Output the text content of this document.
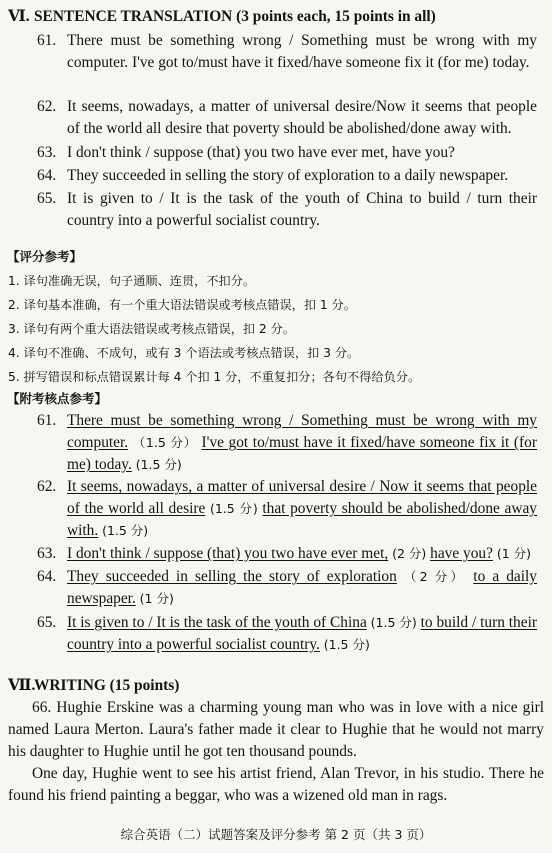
Ⅵ. SENTENCE TRANSLATION (3 points each, 15 points in all)
61. There must be something wrong / Something must be wrong with my computer. I've got to/must have it fixed/have someone fix it (for me) today.
62. It seems, nowadays, a matter of universal desire/Now it seems that people of the world all desire that poverty should be abolished/done away with.
63. I don't think / suppose (that) you two have ever met, have you?
64. They succeeded in selling the story of exploration to a daily newspaper.
65. It is given to / It is the task of the youth of China to build / turn their country into a powerful socialist country.
【评分参考】
1. 译句准确无误，句子通顺、连贯，不扣分。
2. 译句基本准确，有一个重大语法错误或考核点错误，扣 1 分。
3. 译句有两个重大语法错误或考核点错误，扣 2 分。
4. 译句不准确、不成句，或有 3 个语法或考核点错误，扣 3 分。
5. 拼写错误和标点错误累计每 4 个扣 1 分，不重复扣分；各句不得给负分。
【附考核点参考】
61. There must be something wrong / Something must be wrong with my computer. （1.5 分） I've got to/must have it fixed/have someone fix it (for me) today. (1.5 分)
62. It seems, nowadays, a matter of universal desire / Now it seems that people of the world all desire (1.5 分) that poverty should be abolished/done away with. (1.5 分)
63. I don't think / suppose (that) you two have ever met, (2 分) have you? (1 分)
64. They succeeded in selling the story of exploration （2 分） to a daily newspaper. (1 分)
65. It is given to / It is the task of the youth of China (1.5 分) to build / turn their country into a powerful socialist country. (1.5 分)
Ⅶ.WRITING (15 points)
66. Hughie Erskine was a charming young man who was in love with a nice girl named Laura Merton. Laura's father made it clear to Hughie that he would not marry his daughter to Hughie until he got ten thousand pounds.
One day, Hughie went to see his artist friend, Alan Trevor, in his studio. There he found his friend painting a beggar, who was a wizened old man in rags.
综合英语（二）试题答案及评分参考 第 2 页（共 3 页）
